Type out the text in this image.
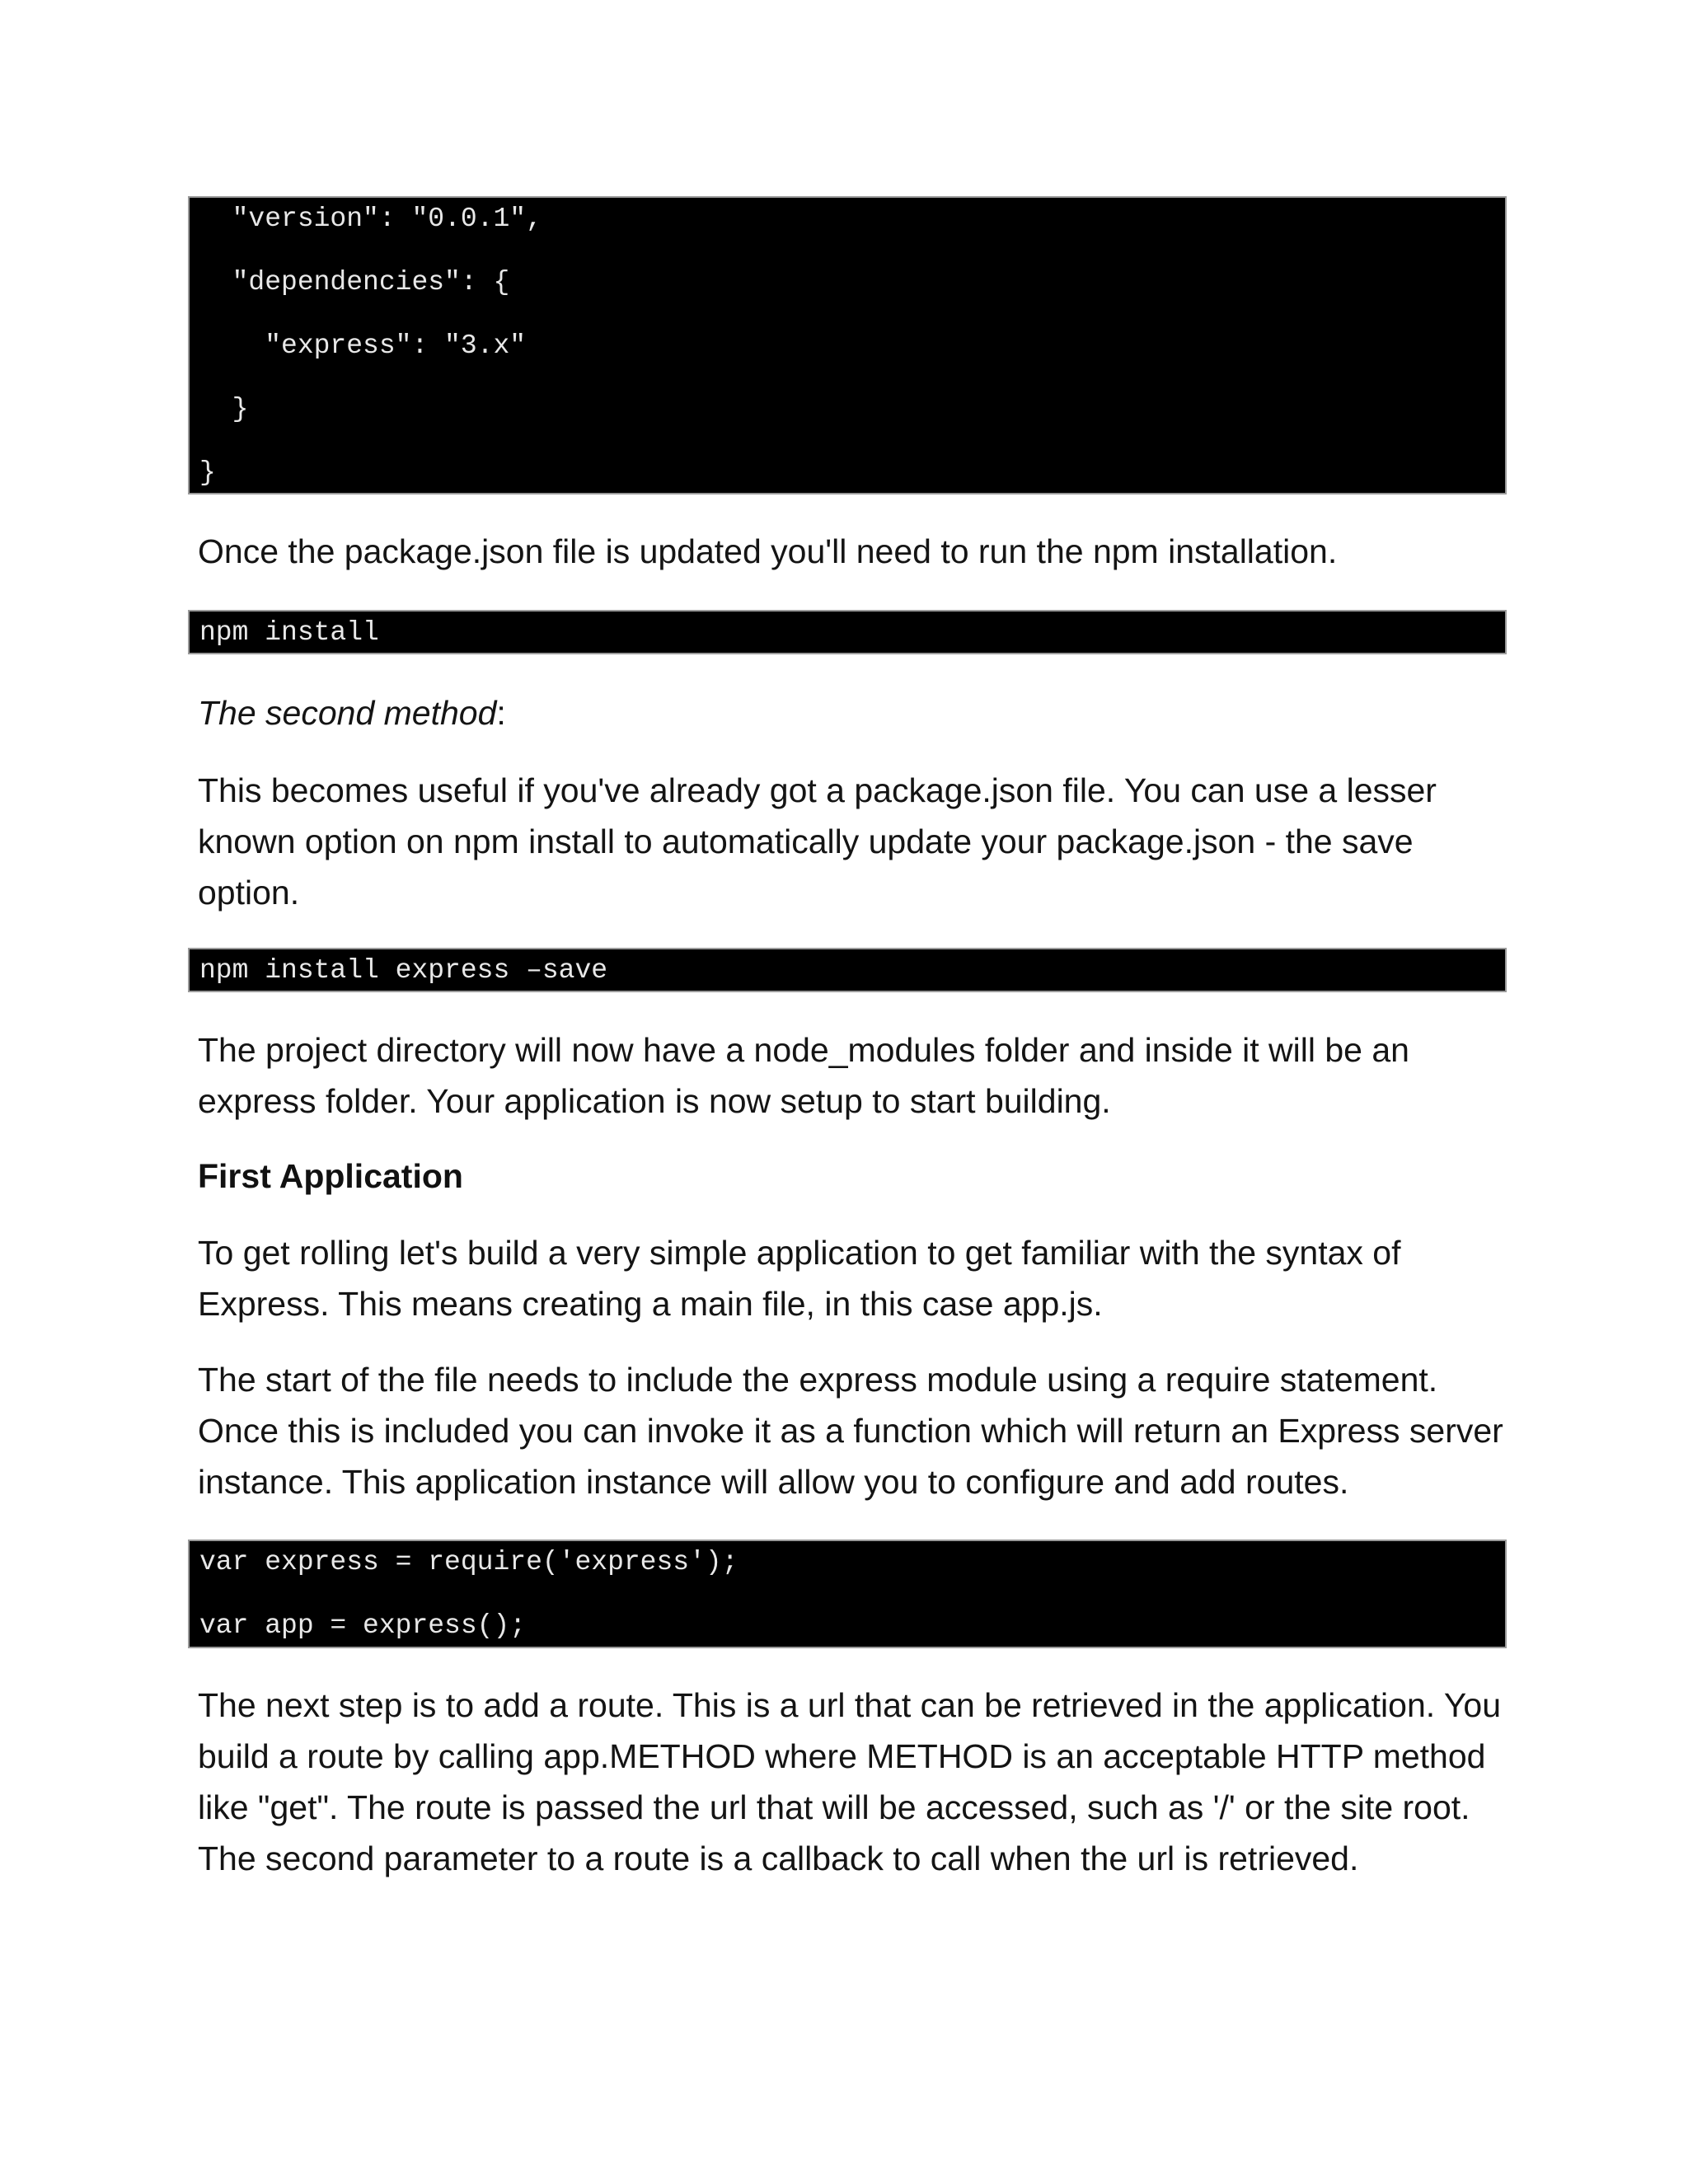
"version": "0.0.1",
"dependencies": {
"express": "3.x"
}
}

Once the package.json file is updated you'll need to run the npm installation.

npm install

The second method:

This becomes useful if you've already got a package.json file. You can use a lesser
known option on npm install to automatically update your package.json - the save
option.

npm install express –save

The project directory will now have a node_modules folder and inside it will be an
express folder. Your application is now setup to start building.

First Application

To get rolling let's build a very simple application to get familiar with the syntax of
Express. This means creating a main file, in this case app.js.

The start of the file needs to include the express module using a require statement.
Once this is included you can invoke it as a function which will return an Express server
instance. This application instance will allow you to configure and add routes.

var express = require('express');
var app = express();

The next step is to add a route. This is a url that can be retrieved in the application. You
build a route by calling app.METHOD where METHOD is an acceptable HTTP method
like "get". The route is passed the url that will be accessed, such as '/' or the site root.
The second parameter to a route is a callback to call when the url is retrieved.
